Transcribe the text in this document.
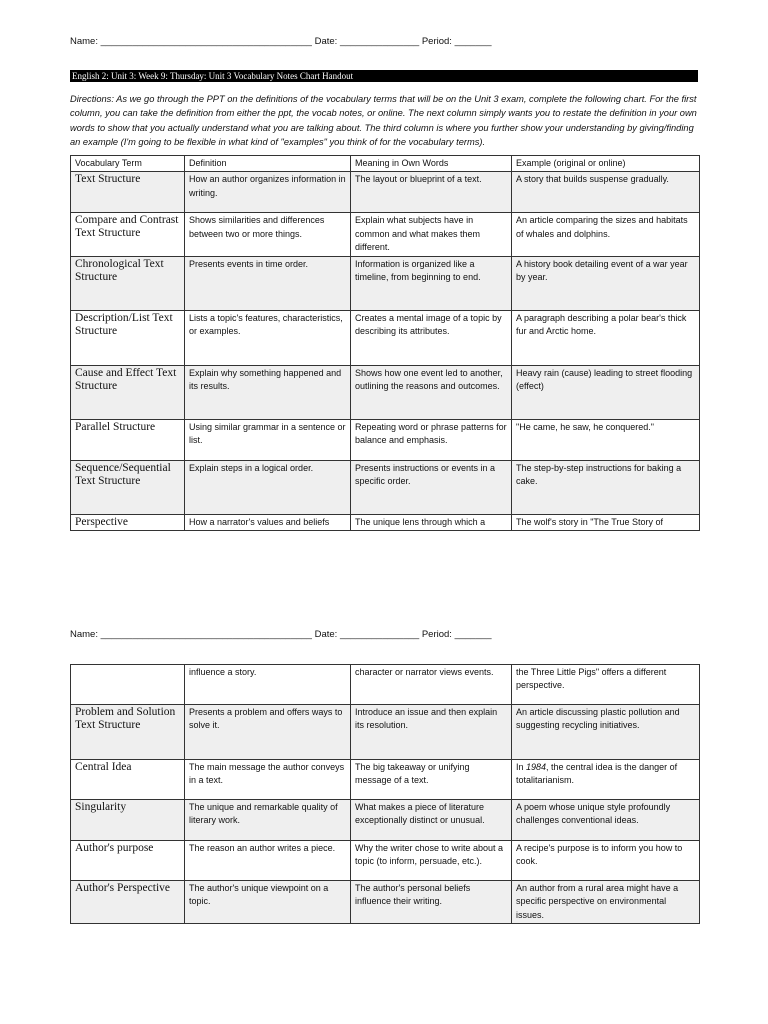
Name: ________________________________________ Date: _______________ Period: _______
English 2: Unit 3: Week 9: Thursday: Unit 3 Vocabulary Notes Chart Handout
Directions: As we go through the PPT on the definitions of the vocabulary terms that will be on the Unit 3 exam, complete the following chart. For the first column, you can take the definition from either the ppt, the vocab notes, or online. The next column simply wants you to restate the definition in your own words to show that you actually understand what you are talking about. The third column is where you further show your understanding by giving/finding an example (I'm going to be flexible in what kind of "examples" you think of for the vocabulary terms).
Vocabulary Term	Definition	Meaning in Own Words	Example (original or online)
Text Structure	How an author organizes information in writing.	The layout or blueprint of a text.	A story that builds suspense gradually.
Compare and Contrast Text Structure	Shows similarities and differences between two or more things.	Explain what subjects have in common and what makes them different.	An article comparing the sizes and habitats of whales and dolphins.
Chronological Text Structure	Presents events in time order.	Information is organized like a timeline, from beginning to end.	A history book detailing event of a war year by year.
Description/List Text Structure	Lists a topic's features, characteristics, or examples.	Creates a mental image of a topic by describing its attributes.	A paragraph describing a polar bear's thick fur and Arctic home.
Cause and Effect Text Structure	Explain why something happened and its results.	Shows how one event led to another, outlining the reasons and outcomes.	Heavy rain (cause) leading to street flooding (effect)
Parallel Structure	Using similar grammar in a sentence or list.	Repeating word or phrase patterns for balance and emphasis.	"He came, he saw, he conquered."
Sequence/Sequential Text Structure	Explain steps in a logical order.	Presents instructions or events in a specific order.	The step-by-step instructions for baking a cake.
Perspective	How a narrator's values and beliefs	The unique lens through which a	The wolf's story in "The True Story of
Name: ________________________________________ Date: _______________ Period: _______
	influence a story.	character or narrator views events.	the Three Little Pigs" offers a different perspective.
Problem and Solution Text Structure	Presents a problem and offers ways to solve it.	Introduce an issue and then explain its resolution.	An article discussing plastic pollution and suggesting recycling initiatives.
Central Idea	The main message the author conveys in a text.	The big takeaway or unifying message of a text.	In 1984, the central idea is the danger of totalitarianism.
Singularity	The unique and remarkable quality of literary work.	What makes a piece of literature exceptionally distinct or unusual.	A poem whose unique style profoundly challenges conventional ideas.
Author's purpose	The reason an author writes a piece.	Why the writer chose to write about a topic (to inform, persuade, etc.).	A recipe's purpose is to inform you how to cook.
Author's Perspective	The author's unique viewpoint on a topic.	The author's personal beliefs influence their writing.	An author from a rural area might have a specific perspective on environmental issues.
